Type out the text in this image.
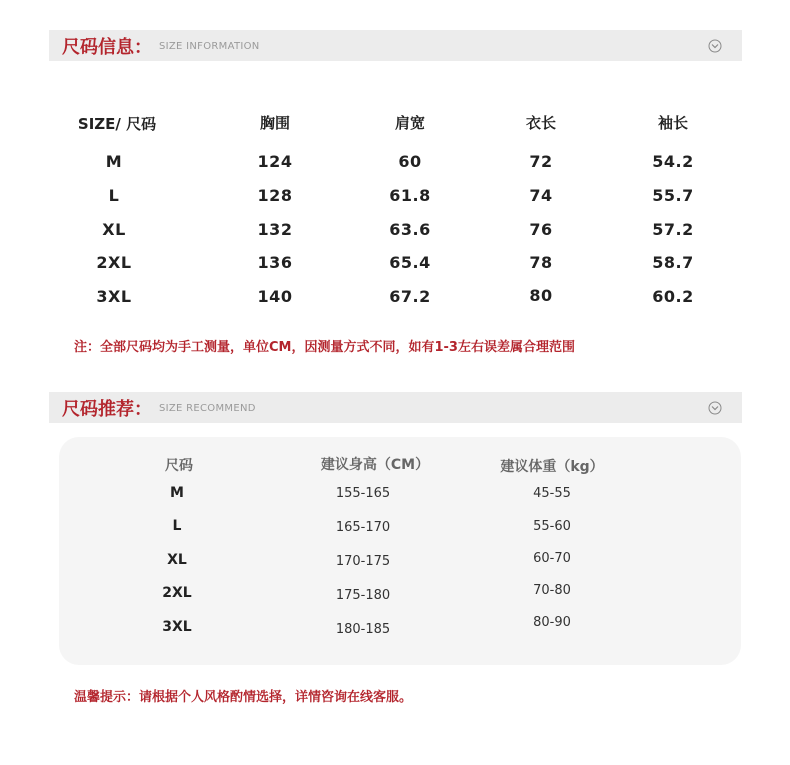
尺码信息： SIZE INFORMATION
SIZE/ 尺码	胸围	肩宽	衣长	袖长
M	124	60	72	54.2
L	128	61.8	74	55.7
XL	132	63.6	76	57.2
2XL	136	65.4	78	58.7
3XL	140	67.2	80	60.2
注：全部尺码均为手工测量，单位CM，因测量方式不同，如有1-3左右误差属合理范围
尺码推荐： SIZE RECOMMEND
尺码	建议身高（CM）	建议体重（kg）
M	155-165	45-55
L	165-170	55-60
XL	170-175	60-70
2XL	175-180	70-80
3XL	180-185	80-90
温馨提示：请根据个人风格酌情选择，详情咨询在线客服。
